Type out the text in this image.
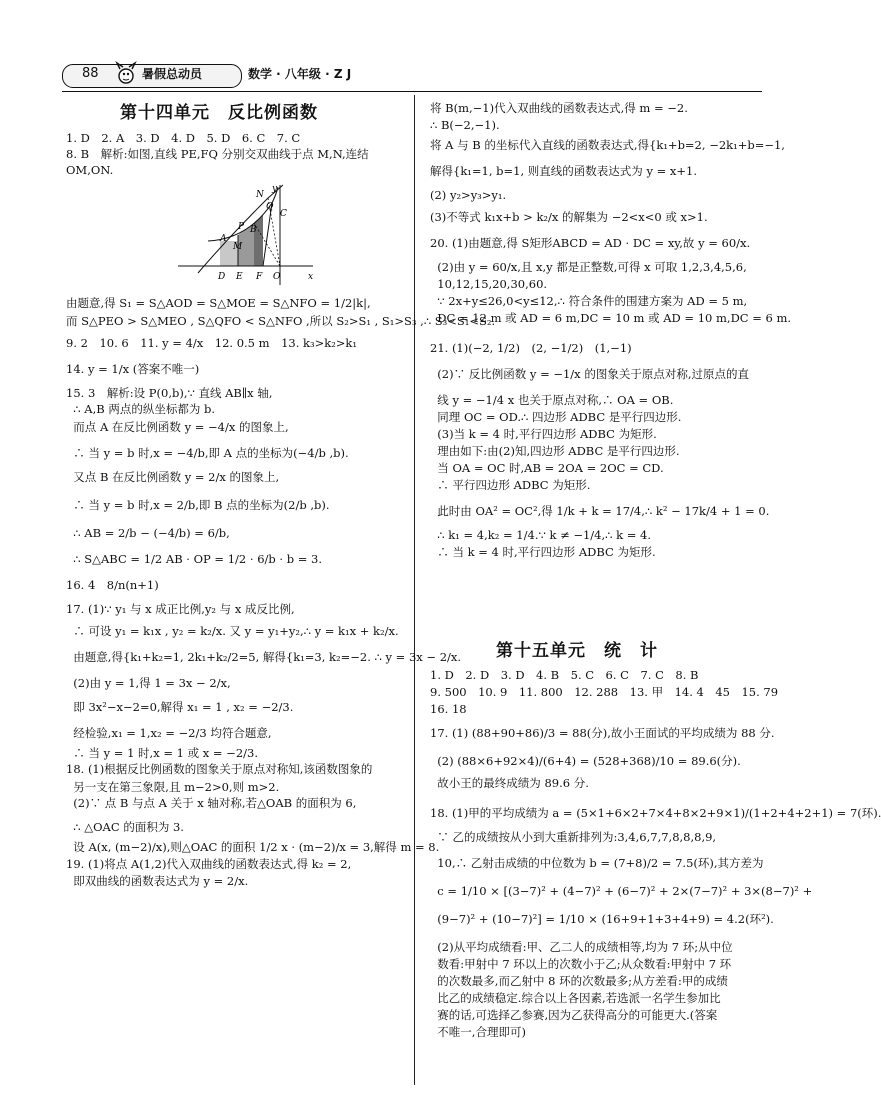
88	暑假总动员	数学 · 八年级 · Z J
第十四单元　反比例函数

1. D　2. A　3. D　4. D　5. D　6. C　7. C

8. B　解析:如图,直线 PE,FQ 分别交双曲线于点 M,N,连结

OM,ON.

N
Q
C
P B
A
M
D E F O	x
y

由题意,得 S₁ = S△AOD = S△MOE = S△NFO = 1/2|k|,

而 S△PEO > S△MEO , S△QFO < S△NFO ,所以 S₂>S₁ , S₁>S₃ ,∴ S₃<S₁<S₂.

9. 2　10. 6　11. y = 4/x　12. 0.5 m　13. k₃>k₂>k₁

14. y = 1/x (答案不唯一)

15. 3　解析:设 P(0,b),∵ 直线 AB∥x 轴,

∴ A,B 两点的纵坐标都为 b.

而点 A 在反比例函数 y = −4/x 的图象上,

∴ 当 y = b 时,x = −4/b,即 A 点的坐标为(−4/b ,b).

又点 B 在反比例函数 y = 2/x 的图象上,

∴ 当 y = b 时,x = 2/b,即 B 点的坐标为(2/b ,b).

∴ AB = 2/b − (−4/b) = 6/b,

∴ S△ABC = 1/2 AB · OP = 1/2 · 6/b · b = 3.

16. 4　8/n(n+1)

17. (1)∵ y₁ 与 x 成正比例,y₂ 与 x 成反比例,

∴ 可设 y₁ = k₁x , y₂ = k₂/x. 又 y = y₁+y₂,∴ y = k₁x + k₂/x.

由题意,得{k₁+k₂=1, 2k₁+k₂/2=5, 解得{k₁=3, k₂=−2. ∴ y = 3x − 2/x.

(2)由 y = 1,得 1 = 3x − 2/x,

即 3x²−x−2=0,解得 x₁ = 1 , x₂ = −2/3.

经检验,x₁ = 1,x₂ = −2/3 均符合题意,

∴ 当 y = 1 时,x = 1 或 x = −2/3.

18. (1)根据反比例函数的图象关于原点对称知,该函数图象的

另一支在第三象限,且 m−2>0,则 m>2.

(2)∵ 点 B 与点 A 关于 x 轴对称,若△OAB 的面积为 6,

∴ △OAC 的面积为 3.

设 A(x, (m−2)/x),则△OAC 的面积 1/2 x · (m−2)/x = 3,解得 m = 8.

19. (1)将点 A(1,2)代入双曲线的函数表达式,得 k₂ = 2,

即双曲线的函数表达式为 y = 2/x.

将 B(m,−1)代入双曲线的函数表达式,得 m = −2.

∴ B(−2,−1).

将 A 与 B 的坐标代入直线的函数表达式,得{k₁+b=2, −2k₁+b=−1,

解得{k₁=1, b=1, 则直线的函数表达式为 y = x+1.

(2) y₂>y₃>y₁.

(3)不等式 k₁x+b > k₂/x 的解集为 −2<x<0 或 x>1.

20. (1)由题意,得 S矩形ABCD = AD · DC = xy,故 y = 60/x.

(2)由 y = 60/x,且 x,y 都是正整数,可得 x 可取 1,2,3,4,5,6,

10,12,15,20,30,60.

∵ 2x+y≤26,0<y≤12,∴ 符合条件的围建方案为 AD = 5 m,

DC = 12 m 或 AD = 6 m,DC = 10 m 或 AD = 10 m,DC = 6 m.

21. (1)(−2, 1/2)　(2, −1/2)　(1,−1)

(2)∵ 反比例函数 y = −1/x 的图象关于原点对称,过原点的直

线 y = −1/4 x 也关于原点对称,∴ OA = OB.

同理 OC = OD.∴ 四边形 ADBC 是平行四边形.

(3)当 k = 4 时,平行四边形 ADBC 为矩形.

理由如下:由(2)知,四边形 ADBC 是平行四边形.

当 OA = OC 时,AB = 2OA = 2OC = CD.

∴ 平行四边形 ADBC 为矩形.

此时由 OA² = OC²,得 1/k + k = 17/4,∴ k² − 17k/4 + 1 = 0.

∴ k₁ = 4,k₂ = 1/4.∵ k ≠ −1/4,∴ k = 4.

∴ 当 k = 4 时,平行四边形 ADBC 为矩形.

第十五单元　统　计

1. D　2. D　3. D　4. B　5. C　6. C　7. C　8. B

9. 500　10. 9　11. 800　12. 288　13. 甲　14. 4　45　15. 79

16. 18

17. (1) (88+90+86)/3 = 88(分),故小王面试的平均成绩为 88 分.

(2) (88×6+92×4)/(6+4) = (528+368)/10 = 89.6(分).

故小王的最终成绩为 89.6 分.

18. (1)甲的平均成绩为 a = (5×1+6×2+7×4+8×2+9×1)/(1+2+4+2+1) = 7(环).

∵ 乙的成绩按从小到大重新排列为:3,4,6,7,7,8,8,8,9,

10,∴ 乙射击成绩的中位数为 b = (7+8)/2 = 7.5(环),其方差为

c = 1/10 × [(3−7)² + (4−7)² + (6−7)² + 2×(7−7)² + 3×(8−7)² +

(9−7)² + (10−7)²] = 1/10 × (16+9+1+3+4+9) = 4.2(环²).

(2)从平均成绩看:甲、乙二人的成绩相等,均为 7 环;从中位

数看:甲射中 7 环以上的次数小于乙;从众数看:甲射中 7 环

的次数最多,而乙射中 8 环的次数最多;从方差看:甲的成绩

比乙的成绩稳定.综合以上各因素,若选派一名学生参加比

赛的话,可选择乙参赛,因为乙获得高分的可能更大.(答案

不唯一,合理即可)
